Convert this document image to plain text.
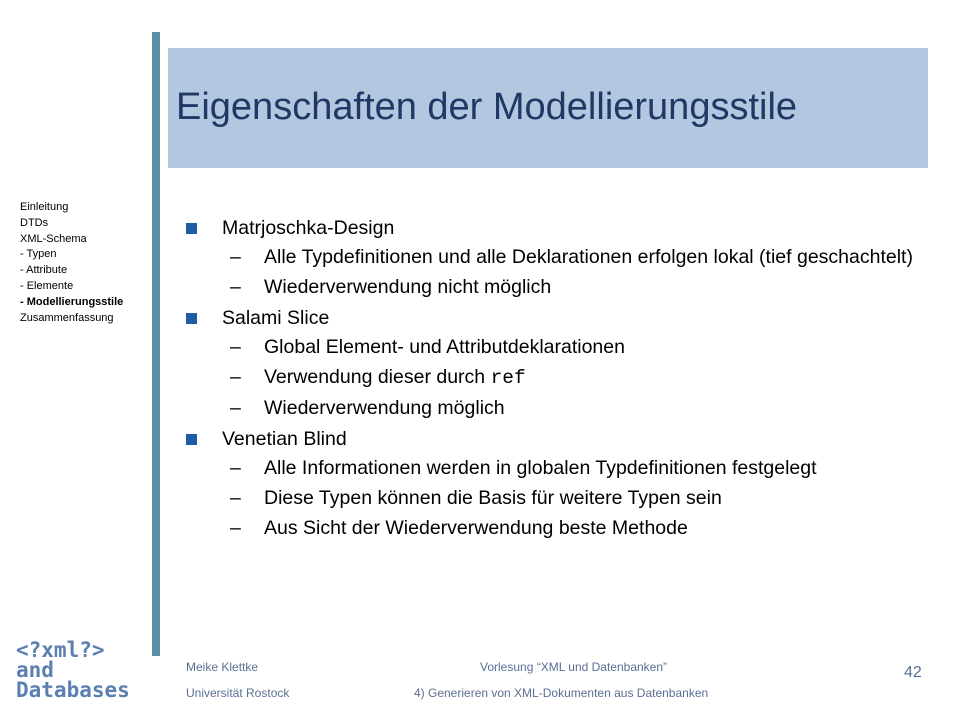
Eigenschaften der Modellierungsstile
Einleitung
DTDs
XML-Schema
- Typen
- Attribute
- Elemente
- Modellierungsstile
Zusammenfassung
Matrjoschka-Design
– Alle Typdefinitionen und alle Deklarationen erfolgen lokal (tief geschachtelt)
– Wiederverwendung nicht möglich
Salami Slice
– Global Element- und Attributdeklarationen
– Verwendung dieser durch ref
– Wiederverwendung möglich
Venetian Blind
– Alle Informationen werden in globalen Typdefinitionen festgelegt
– Diese Typen können die Basis für weitere Typen sein
– Aus Sicht der Wiederverwendung beste Methode
<?xml?>
and
Databases
Meike Klettke
Universität Rostock
Vorlesung “XML und Datenbanken”
4) Generieren von XML-Dokumenten aus Datenbanken
42
